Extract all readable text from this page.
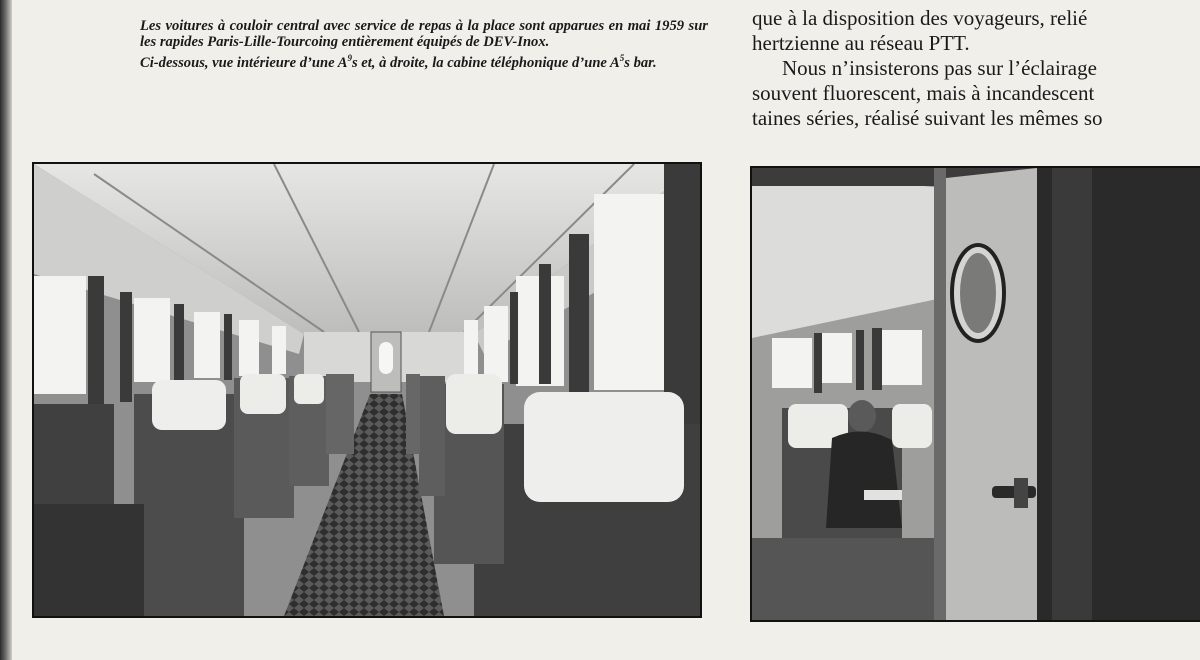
Les voitures à couloir central avec service de repas à la place sont apparues en mai 1959 sur les rapides Paris-Lille-Tourcoing entièrement équipés de DEV-Inox.

Ci-dessous, vue intérieure d’une $A^9s$ et, à droite, la cabine téléphonique d’une $A^5s$ bar.

que à la disposition des voyageurs, relié

hertzienne au réseau PTT.

Nous n’insisterons pas sur l’éclairage

souvent fluorescent, mais à incandescent

taines séries, réalisé suivant les mêmes so
